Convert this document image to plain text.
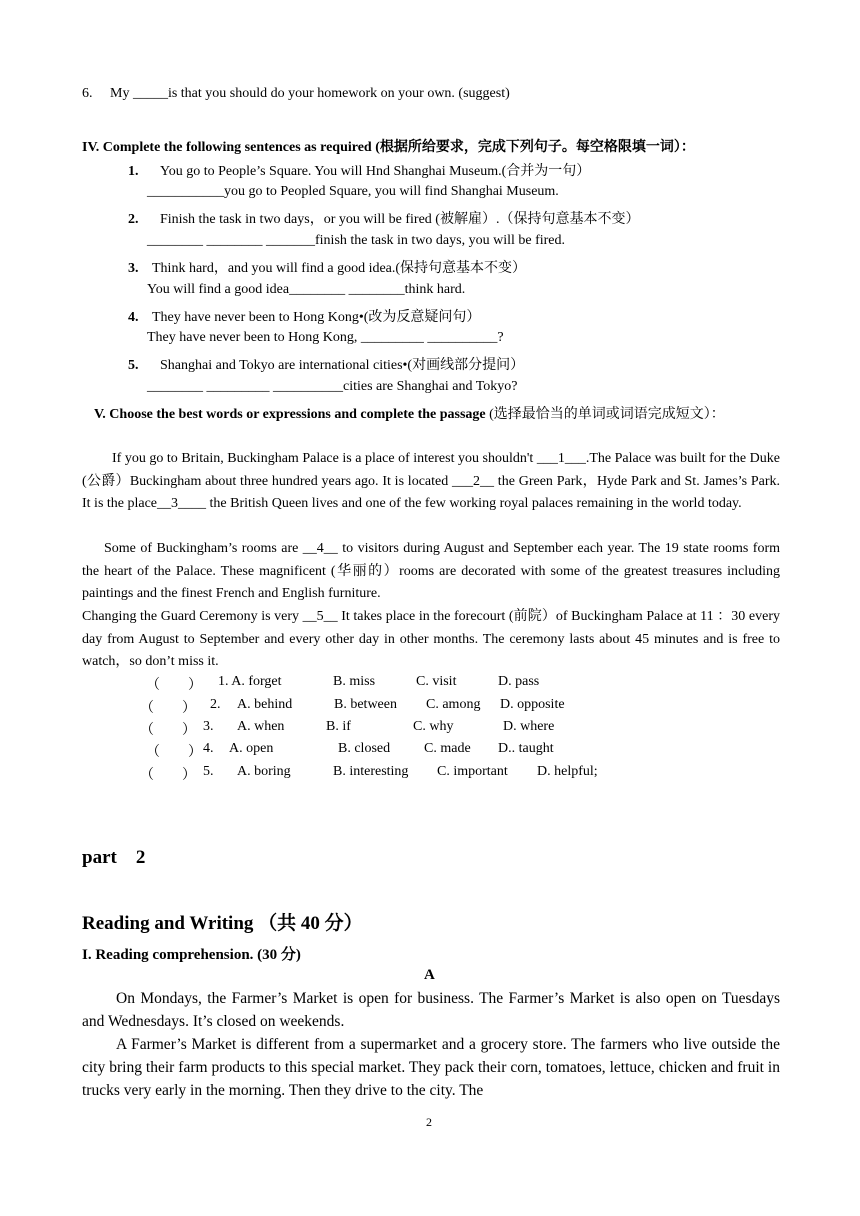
6. My _____is that you should do your homework on your own. (suggest)
IV. Complete the following sentences as required (根据所给要求，完成下列句子。每空格限填一词）：
1. You go to People’s Square. You will Hnd Shanghai Museum.(合并为一句）
___________you go to Peopled Square, you will find Shanghai Museum.
2. Finish the task in two days，or you will be fired (被解雇）.（保持句意基本不变）
________ ________ _______finish the task in two days, you will be fired.
3. Think hard，and you will find a good idea.(保持句意基本不变）
You will find a good idea________ ________think hard.
4. They have never been to Hong Kong•(改为反意疑问句）
They have never been to Hong Kong, _________ __________?
5. Shanghai and Tokyo are international cities•(对画线部分提问）
________ _________ __________cities are Shanghai and Tokyo?
V. Choose the best words or expressions and complete the passage (选择最恰当的单词或词语完成短文）：
If you go to Britain, Buckingham Palace is a place of interest you shouldn't ___1___.The Palace was built for the Duke (公爵）Buckingham about three hundred years ago. It is located ___2__ the Green Park，Hyde Park and St. James’s Park. It is the place__3____ the British Queen lives and one of the few working royal palaces remaining in the world today.
Some of Buckingham’s rooms are __4__ to visitors during August and September each year. The 19 state rooms form the heart of the Palace. These magnificent (华丽的）rooms are decorated with some of the greatest treasures including paintings and the finest French and English furniture.
Changing the Guard Ceremony is very __5__ It takes place in the forecourt (前院）of Buckingham Palace at 11 ：30 every day from August to September and every other day in other months. The ceremony lasts about 45 minutes and is free to watch，so don’t miss it.
（　　） 1. A. forget	B. miss	C. visit	D. pass
（　　） 2. A. behind	B. between C. among D. opposite
（　　） 3. A. when	B. if	C. why	D. where
（　　） 4. A. open	B. closed C. made D.. taught
（　　） 5. A. boring	B. interesting C. important D. helpful;
part　2
Reading and Writing （共 40 分）
I. Reading comprehension. (30 分)
A
On Mondays, the Farmer’s Market is open for business. The Farmer’s Market is also open on Tuesdays and Wednesdays. It’s closed on weekends.
A Farmer’s Market is different from a supermarket and a grocery store. The farmers who live outside the city bring their farm products to this special market. They pack their corn, tomatoes, lettuce, chicken and fruit in trucks very early in the morning. Then they drive to the city. The
2
